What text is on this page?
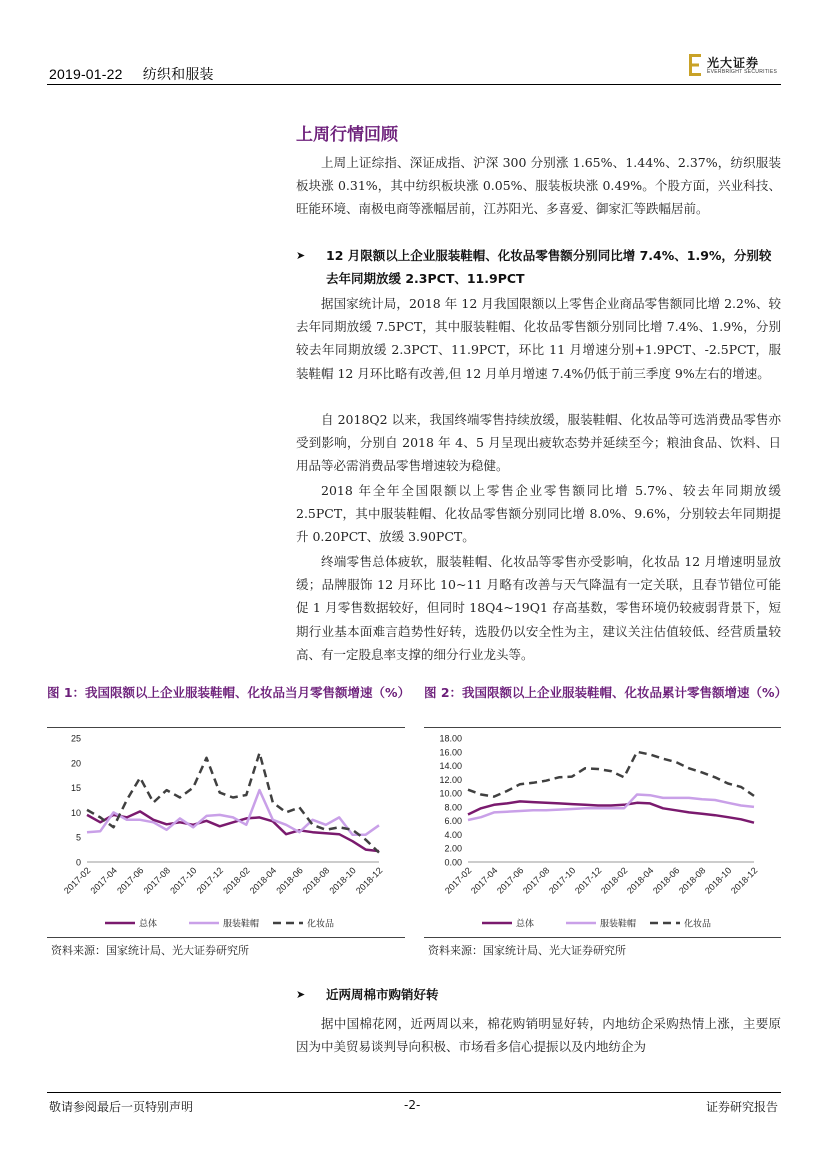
2019-01-22 纺织和服装
光大证券
EVERBRIGHT SECURITIES
上周行情回顾

上周上证综指、深证成指、沪深 300 分别涨 1.65%、1.44%、2.37%，纺织服装板块涨 0.31%，其中纺织板块涨 0.05%、服装板块涨 0.49%。个股方面，兴业科技、旺能环境、南极电商等涨幅居前，江苏阳光、多喜爱、御家汇等跌幅居前。

➤ 12 月限额以上企业服装鞋帽、化妆品零售额分别同比增 7.4%、1.9%，分别较去年同期放缓 2.3PCT、11.9PCT

据国家统计局，2018 年 12 月我国限额以上零售企业商品零售额同比增 2.2%、较去年同期放缓 7.5PCT，其中服装鞋帽、化妆品零售额分别同比增 7.4%、1.9%，分别较去年同期放缓 2.3PCT、11.9PCT，环比 11 月增速分别+1.9PCT、-2.5PCT，服装鞋帽 12 月环比略有改善,但 12 月单月增速 7.4%仍低于前三季度 9%左右的增速。

自 2018Q2 以来，我国终端零售持续放缓，服装鞋帽、化妆品等可选消费品零售亦受到影响，分别自 2018 年 4、5 月呈现出疲软态势并延续至今；粮油食品、饮料、日用品等必需消费品零售增速较为稳健。

2018 年全年全国限额以上零售企业零售额同比增 5.7%、较去年同期放缓 2.5PCT，其中服装鞋帽、化妆品零售额分别同比增 8.0%、9.6%，分别较去年同期提升 0.20PCT、放缓 3.90PCT。

终端零售总体疲软，服装鞋帽、化妆品等零售亦受影响，化妆品 12 月增速明显放缓；品牌服饰 12 月环比 10~11 月略有改善与天气降温有一定关联，且春节错位可能促 1 月零售数据较好，但同时 18Q4~19Q1 存高基数，零售环境仍较疲弱背景下，短期行业基本面难言趋势性好转，选股仍以安全性为主，建议关注估值较低、经营质量较高、有一定股息率支撑的细分行业龙头等。

图 1：我国限额以上企业服装鞋帽、化妆品当月零售额增速（%）
0
5
10
15
20
25
2017-02
2017-04
2017-06
2017-08
2017-10
2017-12
2018-02
2018-04
2018-06
2018-08
2018-10
2018-12
总体	服装鞋帽	化妆品
资料来源：国家统计局、光大证券研究所
图 2：我国限额以上企业服装鞋帽、化妆品累计零售额增速（%）
0.00
2.00
4.00
6.00
8.00
10.00
12.00
14.00
16.00
18.00
2017-02
2017-04
2017-06
2017-08
2017-10
2017-12
2018-02
2018-04
2018-06
2018-08
2018-10
2018-12
总体	服装鞋帽	化妆品
资料来源：国家统计局、光大证券研究所
➤ 近两周棉市购销好转

据中国棉花网，近两周以来，棉花购销明显好转，内地纺企采购热情上涨，主要原因为中美贸易谈判导向积极、市场看多信心提振以及内地纺企为

敬请参阅最后一页特别声明	-2-	证券研究报告
